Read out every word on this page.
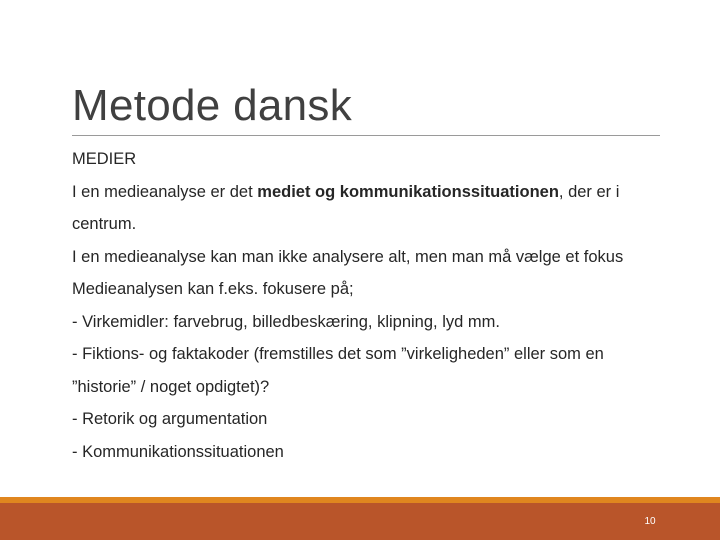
Metode dansk
MEDIER
I en medieanalyse er det mediet og kommunikationssituationen, der er i
centrum.
I en medieanalyse kan man ikke analysere alt, men man må vælge et fokus
Medieanalysen kan f.eks. fokusere på;
- Virkemidler: farvebrug, billedbeskæring, klipning, lyd mm.
- Fiktions- og faktakoder (fremstilles det som ”virkeligheden” eller som en
”historie” / noget opdigtet)?
- Retorik og argumentation
- Kommunikationssituationen
10
